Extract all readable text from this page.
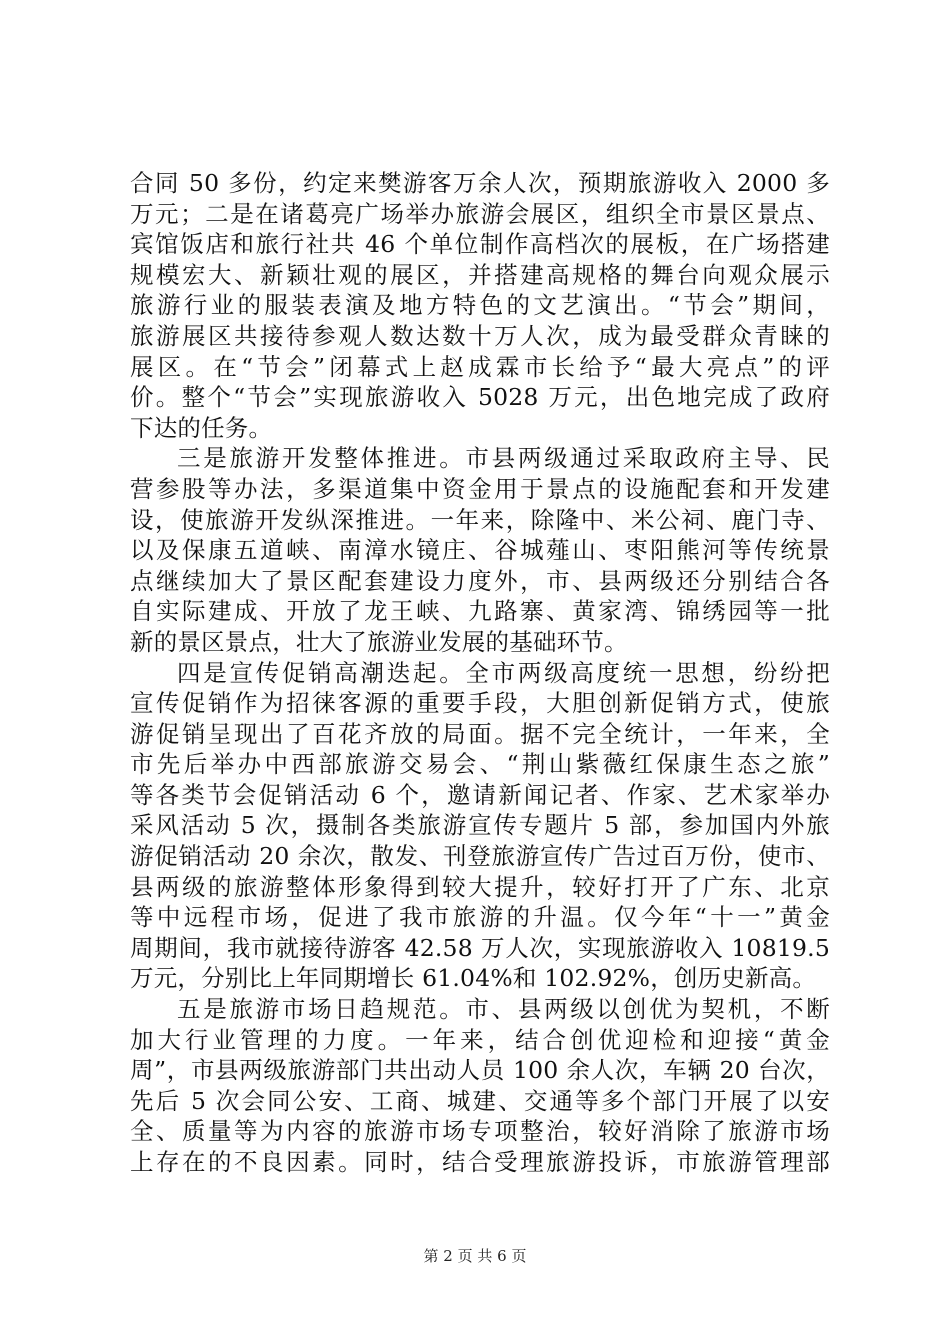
合同 50 多份，约定来樊游客万余人次，预期旅游收入 2000 多
万元；二是在诸葛亮广场举办旅游会展区，组织全市景区景点、
宾馆饭店和旅行社共 46 个单位制作高档次的展板，在广场搭建
规模宏大、新颖壮观的展区，并搭建高规格的舞台向观众展示
旅游行业的服装表演及地方特色的文艺演出。“节会”期间，
旅游展区共接待参观人数达数十万人次，成为最受群众青睐的
展区。在“节会”闭幕式上赵成霖市长给予“最大亮点”的评
价。整个“节会”实现旅游收入 5028 万元，出色地完成了政府
下达的任务。
三是旅游开发整体推进。市县两级通过采取政府主导、民
营参股等办法，多渠道集中资金用于景点的设施配套和开发建
设，使旅游开发纵深推进。一年来，除隆中、米公祠、鹿门寺、
以及保康五道峡、南漳水镜庄、谷城薤山、枣阳熊河等传统景
点继续加大了景区配套建设力度外，市、县两级还分别结合各
自实际建成、开放了龙王峡、九路寨、黄家湾、锦绣园等一批
新的景区景点，壮大了旅游业发展的基础环节。
四是宣传促销高潮迭起。全市两级高度统一思想，纷纷把
宣传促销作为招徕客源的重要手段，大胆创新促销方式，使旅
游促销呈现出了百花齐放的局面。据不完全统计，一年来，全
市先后举办中西部旅游交易会、“荆山紫薇红保康生态之旅”
等各类节会促销活动 6 个，邀请新闻记者、作家、艺术家举办
采风活动 5 次，摄制各类旅游宣传专题片 5 部，参加国内外旅
游促销活动 20 余次，散发、刊登旅游宣传广告过百万份，使市、
县两级的旅游整体形象得到较大提升，较好打开了广东、北京
等中远程市场，促进了我市旅游的升温。仅今年“十一”黄金
周期间，我市就接待游客 42.58 万人次，实现旅游收入 10819.5
万元，分别比上年同期增长 61.04%和 102.92%，创历史新高。
五是旅游市场日趋规范。市、县两级以创优为契机，不断
加大行业管理的力度。一年来，结合创优迎检和迎接“黄金
周”，市县两级旅游部门共出动人员 100 余人次，车辆 20 台次，
先后 5 次会同公安、工商、城建、交通等多个部门开展了以安
全、质量等为内容的旅游市场专项整治，较好消除了旅游市场
上存在的不良因素。同时，结合受理旅游投诉，市旅游管理部
第 2 页 共 6 页
